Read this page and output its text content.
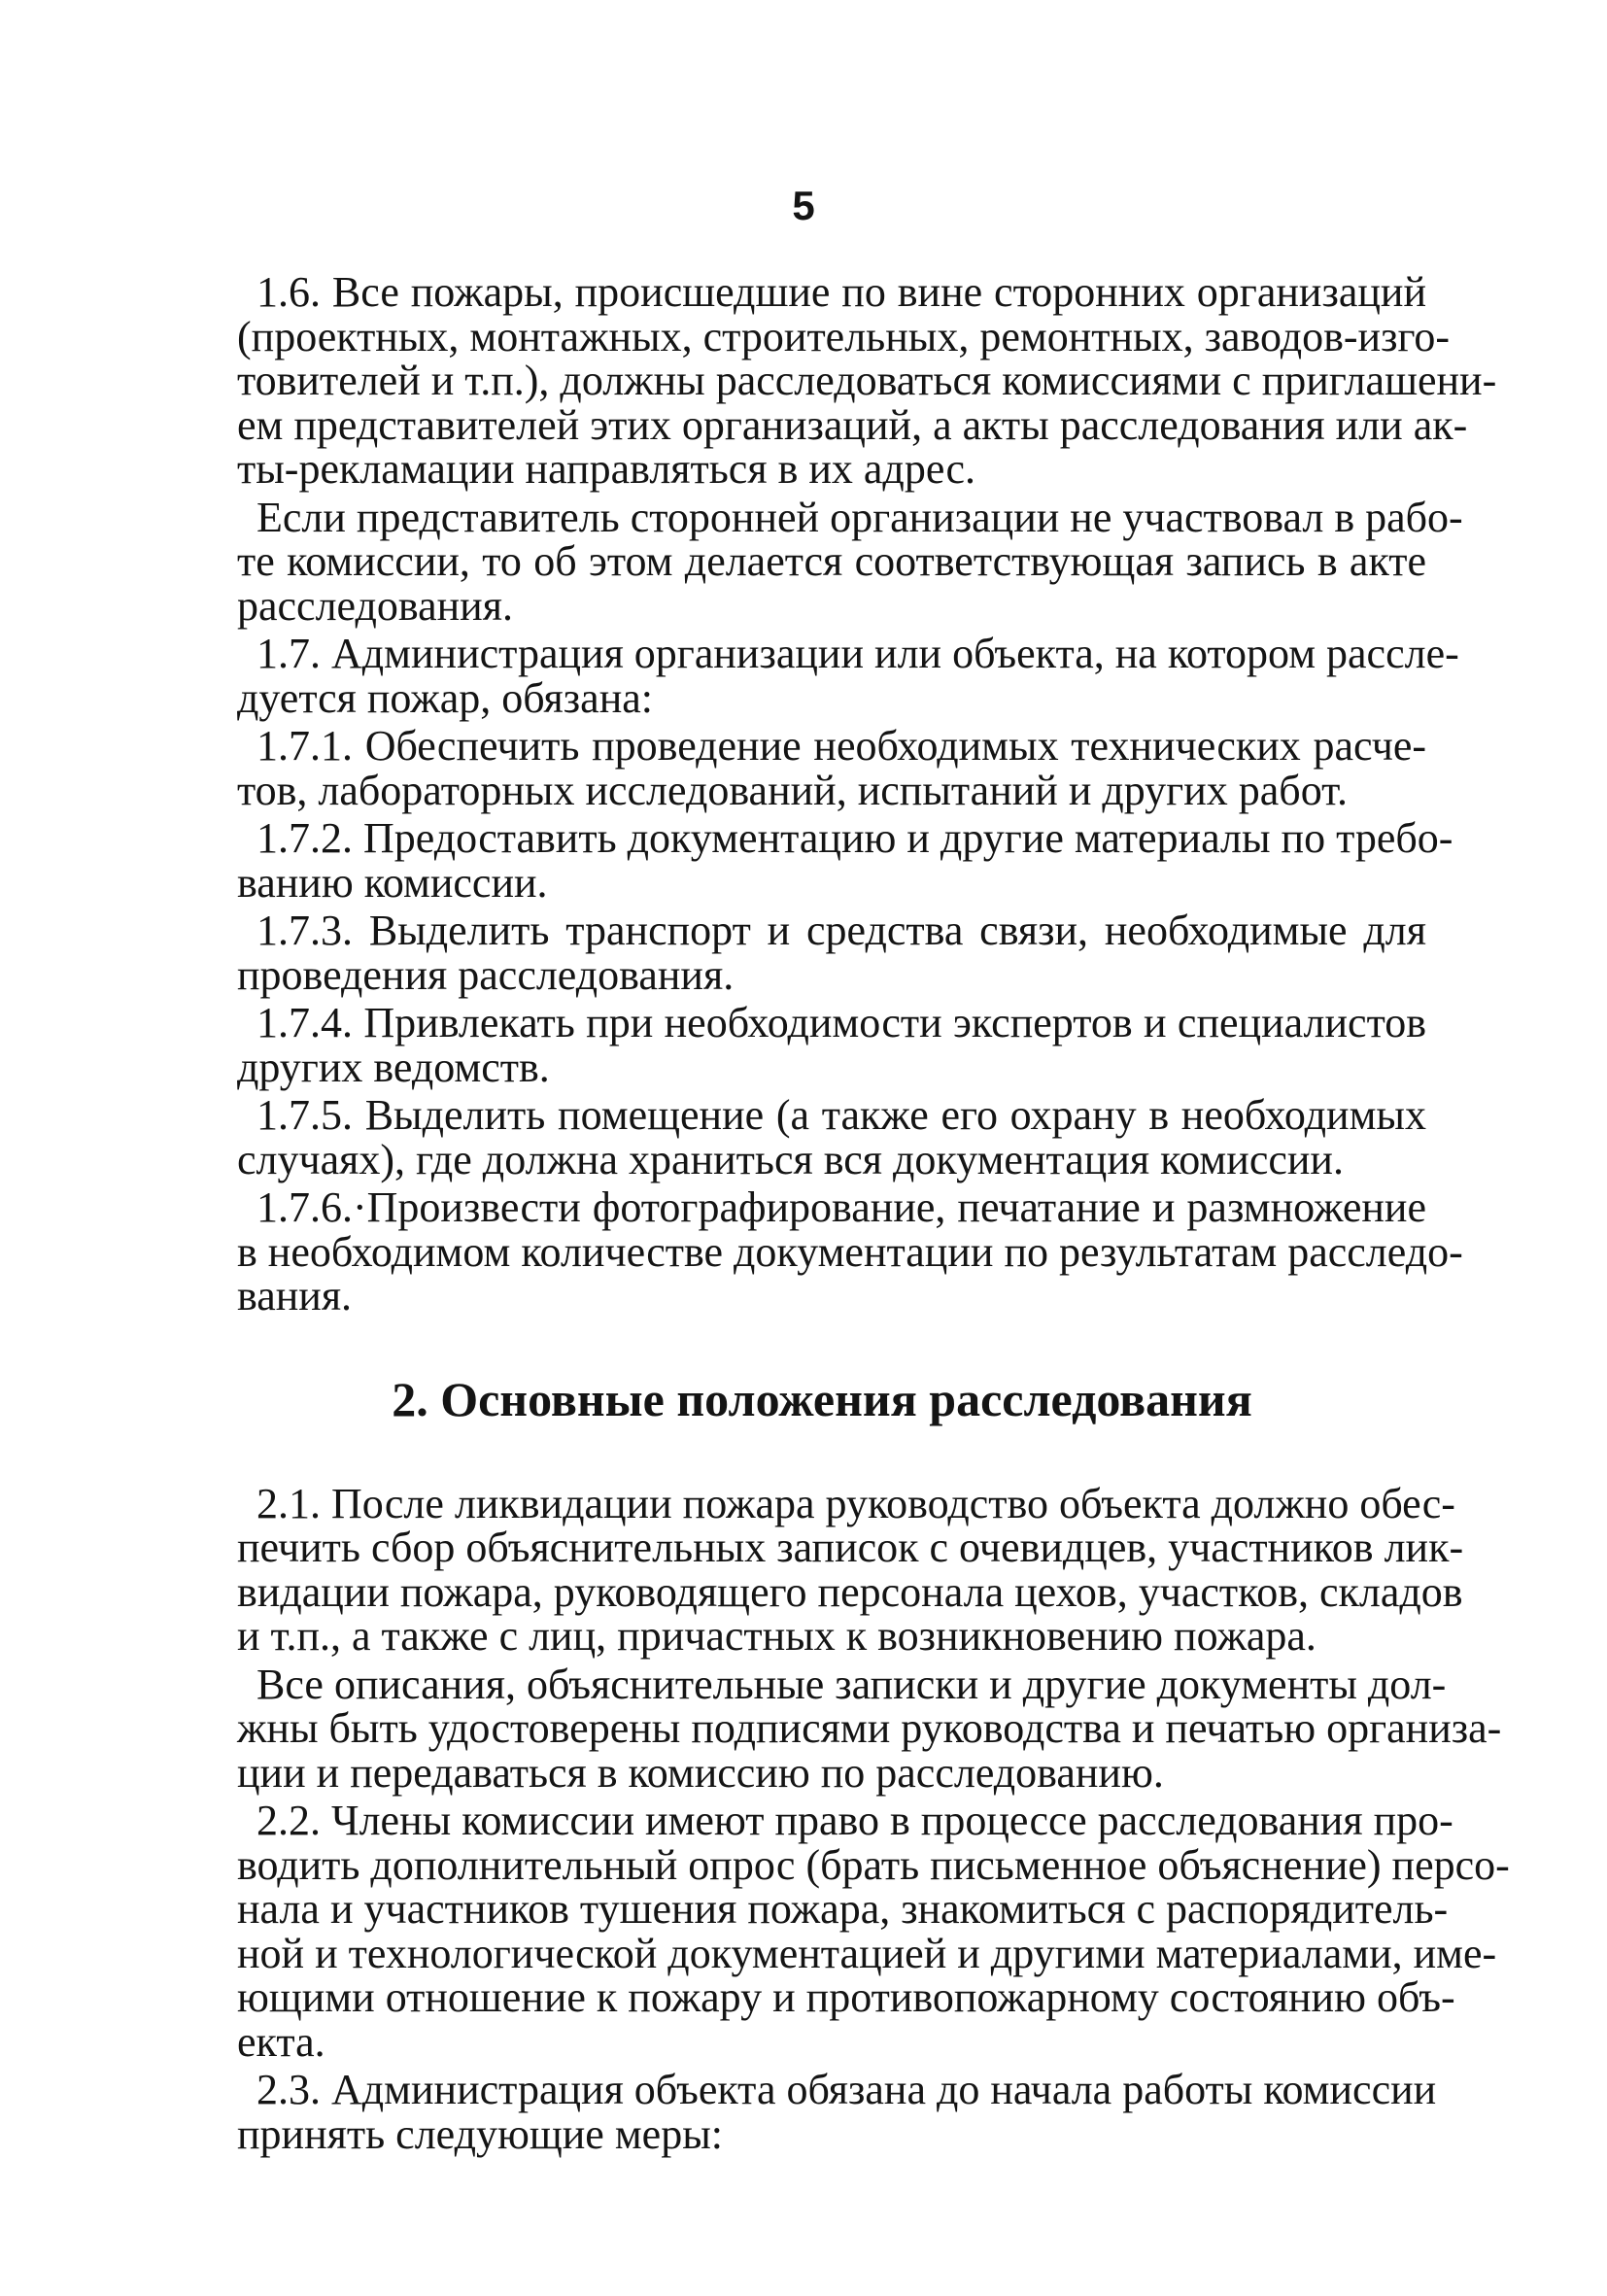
5
1.6. Все пожары, происшедшие по вине сторонних организаций
(проектных, монтажных, строительных, ремонтных, заводов-изго-
товителей и т.п.), должны расследоваться комиссиями с приглашени-
ем представителей этих организаций, а акты расследования или ак-
ты-рекламации направляться в их адрес.
Если представитель сторонней организации не участвовал в рабо-
те комиссии, то об этом делается соответствующая запись в акте
расследования.
1.7. Администрация организации или объекта, на котором рассле-
дуется пожар, обязана:
1.7.1. Обеспечить проведение необходимых технических расче-
тов, лабораторных исследований, испытаний и других работ.
1.7.2. Предоставить документацию и другие материалы по требо-
ванию комиссии.
1.7.3. Выделить транспорт и средства связи, необходимые для
проведения расследования.
1.7.4. Привлекать при необходимости экспертов и специалистов
других ведомств.
1.7.5. Выделить помещение (а также его охрану в необходимых
случаях), где должна храниться вся документация комиссии.
1.7.6.·Произвести фотографирование, печатание и размножение
в необходимом количестве документации по результатам расследо-
вания.
2. Основные положения расследования
2.1. После ликвидации пожара руководство объекта должно обес-
печить сбор объяснительных записок с очевидцев, участников лик-
видации пожара, руководящего персонала цехов, участков, складов
и т.п., а также с лиц, причастных к возникновению пожара.
Все описания, объяснительные записки и другие документы дол-
жны быть удостоверены подписями руководства и печатью организа-
ции и передаваться в комиссию по расследованию.
2.2. Члены комиссии имеют право в процессе расследования про-
водить дополнительный опрос (брать письменное объяснение) персо-
нала и участников тушения пожара, знакомиться с распорядитель-
ной и технологической документацией и другими материалами, име-
ющими отношение к пожару и противопожарному состоянию объ-
екта.
2.3. Администрация объекта обязана до начала работы комиссии
принять следующие меры:
